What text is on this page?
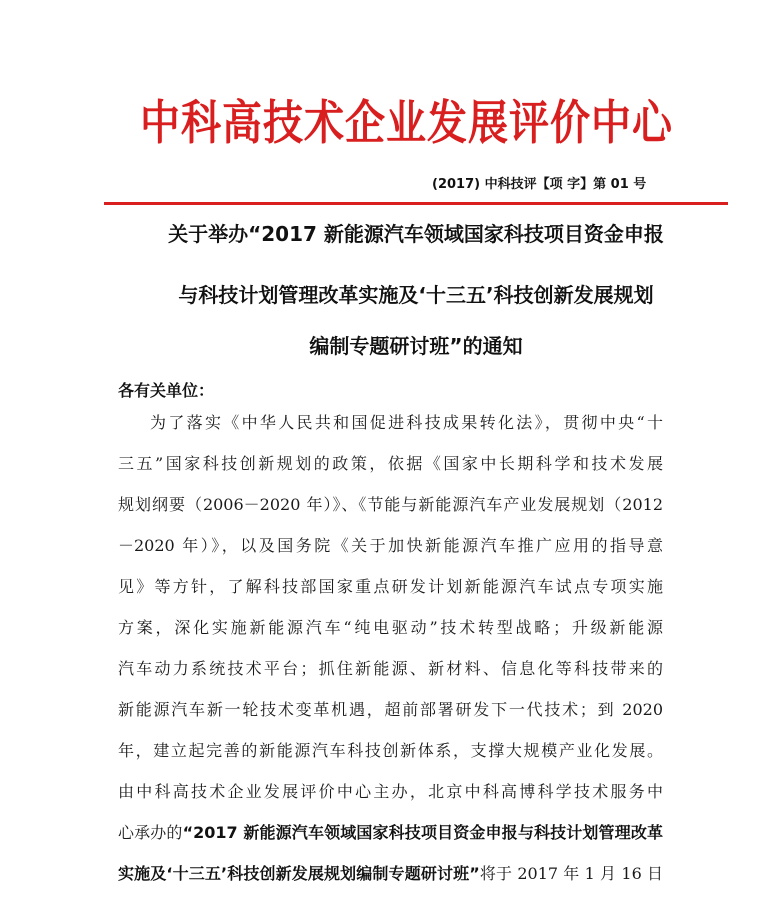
中科高技术企业发展评价中心
(2017) 中科技评【项 字】第 01 号
关于举办“2017 新能源汽车领域国家科技项目资金申报
与科技计划管理改革实施及‘十三五’科技创新发展规划
编制专题研讨班”的通知
各有关单位：
为了落实《中华人民共和国促进科技成果转化法》，贯彻中央“十
三五”国家科技创新规划的政策，依据《国家中长期科学和技术发展
规划纲要（2006－2020 年）》、《节能与新能源汽车产业发展规划（2012
－2020 年）》，以及国务院《关于加快新能源汽车推广应用的指导意
见》等方针，了解科技部国家重点研发计划新能源汽车试点专项实施
方案，深化实施新能源汽车“纯电驱动”技术转型战略；升级新能源
汽车动力系统技术平台；抓住新能源、新材料、信息化等科技带来的
新能源汽车新一轮技术变革机遇，超前部署研发下一代技术；到 2020
年，建立起完善的新能源汽车科技创新体系，支撑大规模产业化发展。
由中科高技术企业发展评价中心主办，北京中科高博科学技术服务中
心承办的“2017 新能源汽车领域国家科技项目资金申报与科技计划管理改革
实施及‘十三五’科技创新发展规划编制专题研讨班”将于 2017 年 1 月 16 日
